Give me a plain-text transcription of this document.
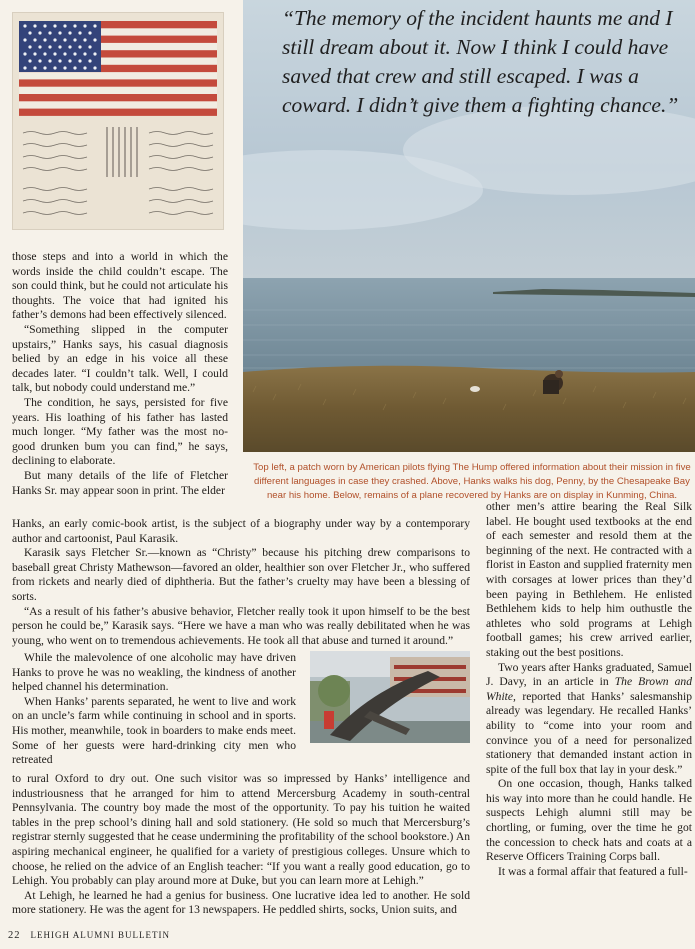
“The memory of the incident haunts me and I still dream about it. Now I think I could have saved that crew and still escaped. I was a coward. I didn’t give them a fighting chance.”
Top left, a patch worn by American pilots flying The Hump offered information about their mission in five different languages in case they crashed. Above, Hanks walks his dog, Penny, by the Chesapeake Bay near his home. Below, remains of a plane recovered by Hanks are on display in Kunming, China.

those steps and into a world in which the words inside the child couldn’t escape. The son could think, but he could not articulate his thoughts. The voice that had ignited his father’s demons had been effectively silenced.

“Something slipped in the computer upstairs,” Hanks says, his casual diagnosis belied by an edge in his voice all these decades later. “I couldn’t talk. Well, I could talk, but nobody could understand me.”

The condition, he says, persisted for five years. His loathing of his father has lasted much longer. “My father was the most no-good drunken bum you can find,” he says, declining to elaborate.

But many details of the life of Fletcher Hanks Sr. may appear soon in print. The elder

Hanks, an early comic-book artist, is the subject of a biography under way by a contemporary author and cartoonist, Paul Karasik.

Karasik says Fletcher Sr.—known as “Christy” because his pitching drew comparisons to baseball great Christy Mathewson—favored an older, healthier son over Fletcher Jr., who suffered from rickets and nearly died of diphtheria. But the father’s cruelty may have been a blessing of sorts.

“As a result of his father’s abusive behavior, Fletcher really took it upon himself to be the best person he could be,” Karasik says. “Here we have a man who was really debilitated when he was young, who went on to tremendous achievements. He took all that abuse and turned it around.”

While the malevolence of one alcoholic may have driven Hanks to prove he was no weakling, the kindness of another helped channel his determination.

When Hanks’ parents separated, he went to live and work on an uncle’s farm while continuing in school and in sports. His mother, meanwhile, took in boarders to make ends meet. Some of her guests were hard-drinking city men who retreated

to rural Oxford to dry out. One such visitor was so impressed by Hanks’ intelligence and industriousness that he arranged for him to attend Mercersburg Academy in south-central Pennsylvania. The country boy made the most of the opportunity. To pay his tuition he waited tables in the prep school’s dining hall and sold stationery. (He sold so much that Mercersburg’s registrar sternly suggested that he cease undermining the profitability of the school bookstore.) An aspiring mechanical engineer, he qualified for a variety of prestigious colleges. Unsure which to choose, he relied on the advice of an English teacher: “If you want a really good education, go to Lehigh. You probably can play around more at Duke, but you can learn more at Lehigh.”

At Lehigh, he learned he had a genius for business. One lucrative idea led to another. He sold more stationery. He was the agent for 13 newspapers. He peddled shirts, socks, Union suits, and

other men’s attire bearing the Real Silk label. He bought used textbooks at the end of each semester and resold them at the beginning of the next. He contracted with a florist in Easton and supplied fraternity men with corsages at lower prices than they’d been paying in Bethlehem. He enlisted Bethlehem kids to help him outhustle the athletes who sold programs at Lehigh football games; his crew arrived earlier, staking out the best positions.

Two years after Hanks graduated, Samuel J. Davy, in an article in The Brown and White, reported that Hanks’ salesmanship already was legendary. He recalled Hanks’ ability to “come into your room and convince you of a need for personalized stationery that demanded instant action in spite of the full box that lay in your desk.”

On one occasion, though, Hanks talked his way into more than he could handle. He suspects Lehigh alumni still may be chortling, or fuming, over the time he got the concession to check hats and coats at a Reserve Officers Training Corps ball.

It was a formal affair that featured a full-

22 LEHIGH ALUMNI BULLETIN
